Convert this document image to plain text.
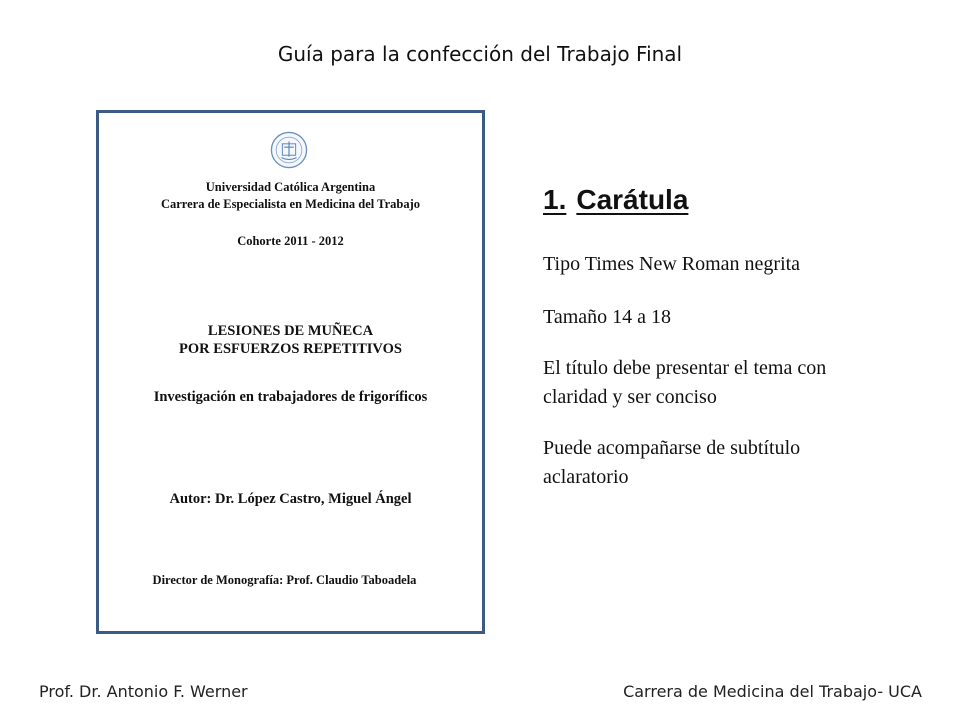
Guía para la confección del Trabajo Final
Universidad Católica Argentina
Carrera de Especialista en Medicina del Trabajo
Cohorte 2011 - 2012
LESIONES DE MUÑECA
POR ESFUERZOS REPETITIVOS
Investigación en trabajadores de frigoríficos
Autor: Dr. López Castro, Miguel Ángel
Director de Monografía: Prof. Claudio Taboadela
1. Carátula
Tipo Times New Roman negrita
Tamaño 14 a 18
El título debe presentar el tema con claridad y ser conciso
Puede acompañarse de subtítulo aclaratorio
Prof. Dr. Antonio F. Werner	Carrera de Medicina del Trabajo- UCA
